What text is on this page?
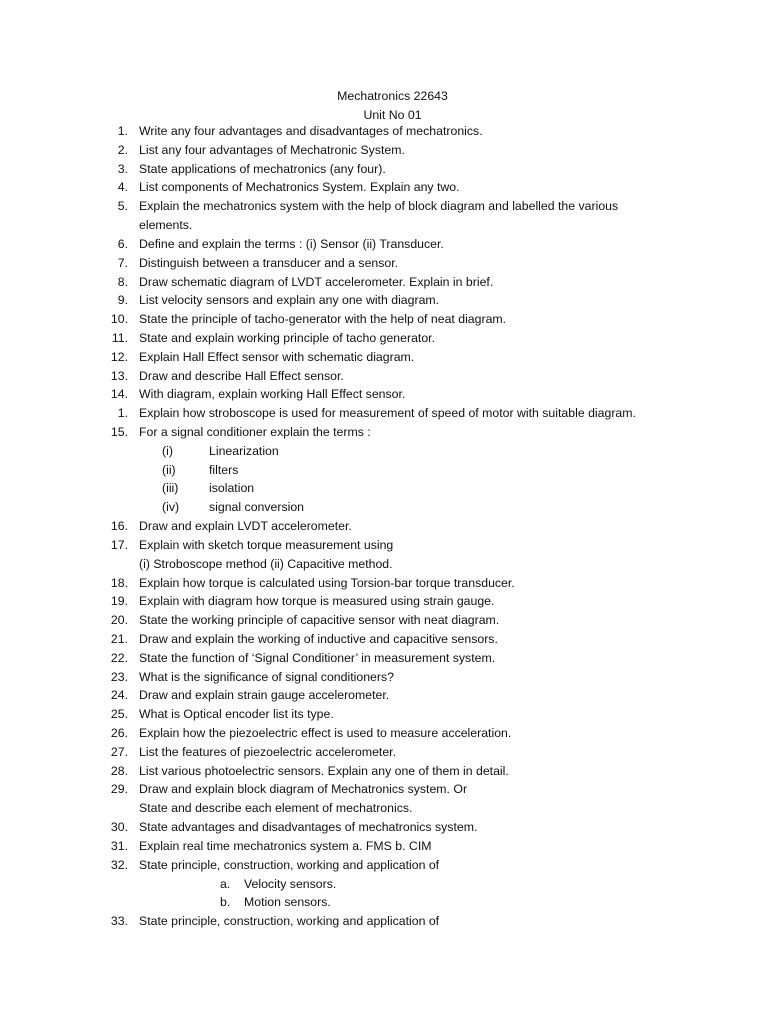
Mechatronics 22643
Unit No 01
1. Write any four advantages and disadvantages of mechatronics.
2. List any four advantages of Mechatronic System.
3. State applications of mechatronics (any four).
4. List components of Mechatronics System. Explain any two.
5. Explain the mechatronics system with the help of block diagram and labelled the various
elements.
6. Define and explain the terms : (i) Sensor (ii) Transducer.
7. Distinguish between a transducer and a sensor.
8. Draw schematic diagram of LVDT accelerometer. Explain in brief.
9. List velocity sensors and explain any one with diagram.
10. State the principle of tacho-generator with the help of neat diagram.
11. State and explain working principle of tacho generator.
12. Explain Hall Effect sensor with schematic diagram.
13. Draw and describe Hall Effect sensor.
14. With diagram, explain working Hall Effect sensor.
1. Explain how stroboscope is used for measurement of speed of motor with suitable diagram.
15. For a signal conditioner explain the terms :
(i)	Linearization
(ii)	filters
(iii) isolation
(iv) signal conversion
16. Draw and explain LVDT accelerometer.
17. Explain with sketch torque measurement using
(i) Stroboscope method (ii) Capacitive method.
18. Explain how torque is calculated using Torsion-bar torque transducer.
19. Explain with diagram how torque is measured using strain gauge.
20. State the working principle of capacitive sensor with neat diagram.
21. Draw and explain the working of inductive and capacitive sensors.
22. State the function of ‘Signal Conditioner’ in measurement system.
23. What is the significance of signal conditioners?
24. Draw and explain strain gauge accelerometer.
25. What is Optical encoder list its type.
26. Explain how the piezoelectric effect is used to measure acceleration.
27. List the features of piezoelectric accelerometer.
28. List various photoelectric sensors. Explain any one of them in detail.
29. Draw and explain block diagram of Mechatronics system. Or
State and describe each element of mechatronics.
30. State advantages and disadvantages of mechatronics system.
31. Explain real time mechatronics system a. FMS b. CIM
32. State principle, construction, working and application of
a. Velocity sensors.
b. Motion sensors.
33. State principle, construction, working and application of
